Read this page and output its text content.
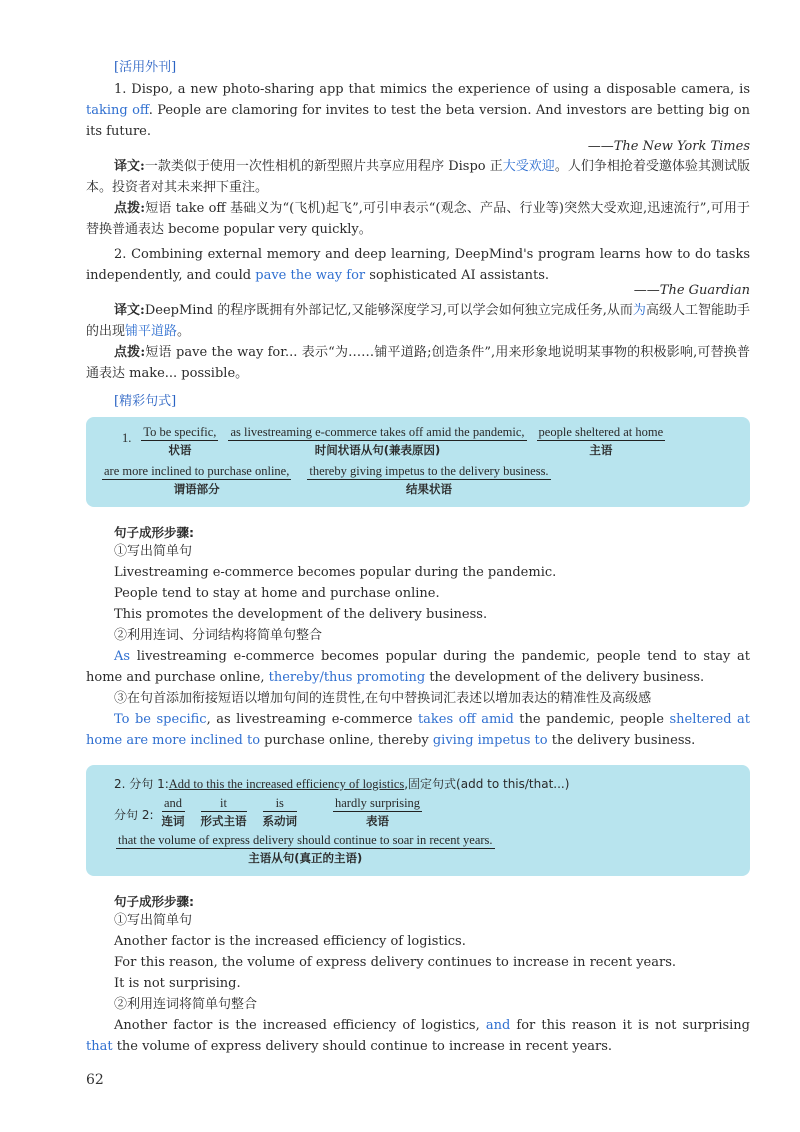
[活用外刊]

1. Dispo, a new photo-sharing app that mimics the experience of using a disposable camera, is taking off. People are clamoring for invites to test the beta version. And investors are betting big on its future.

——The New York Times

译文:一款类似于使用一次性相机的新型照片共享应用程序 Dispo 正大受欢迎。人们争相抢着受邀体验其测试版本。投资者对其未来押下重注。

点拨:短语 take off 基础义为“(飞机)起飞”,可引申表示“(观念、产品、行业等)突然大受欢迎,迅速流行”,可用于替换普通表达 become popular very quickly。

2. Combining external memory and deep learning, DeepMind's program learns how to do tasks independently, and could pave the way for sophisticated AI assistants.

——The Guardian

译文:DeepMind 的程序既拥有外部记忆,又能够深度学习,可以学会如何独立完成任务,从而为高级人工智能助手的出现铺平道路。

点拨:短语 pave the way for... 表示“为……铺平道路;创造条件”,用来形象地说明某事物的积极影响,可替换普通表达 make... possible。

[精彩句式]
1. To be specific,
状语
as livestreaming e-commerce takes off amid the pandemic,
时间状语从句(兼表原因)
people sheltered at home
主语
are more inclined to purchase online,
谓语部分
thereby giving impetus to the delivery business.
结果状语
句子成形步骤:
①写出简单句
Livestreaming e-commerce becomes popular during the pandemic.
People tend to stay at home and purchase online.
This promotes the development of the delivery business.
②利用连词、分词结构将简单句整合

As livestreaming e-commerce becomes popular during the pandemic, people tend to stay at home and purchase online, thereby/thus promoting the development of the delivery business.

③在句首添加衔接短语以增加句间的连贯性,在句中替换词汇表述以增加表达的精准性及高级感

To be specific, as livestreaming e-commerce takes off amid the pandemic, people sheltered at home are more inclined to purchase online, thereby giving impetus to the delivery business.

2. 分句 1:Add to this the increased efficiency of logistics,固定句式(add to this/that...)
分句 2:
and
连词
it
形式主语
is
系动词
hardly surprising
表语
that the volume of express delivery should continue to soar in recent years.
主语从句(真正的主语)
句子成形步骤:
①写出简单句
Another factor is the increased efficiency of logistics.
For this reason, the volume of express delivery continues to increase in recent years.
It is not surprising.
②利用连词将简单句整合

Another factor is the increased efficiency of logistics, and for this reason it is not surprising that the volume of express delivery should continue to increase in recent years.

62
